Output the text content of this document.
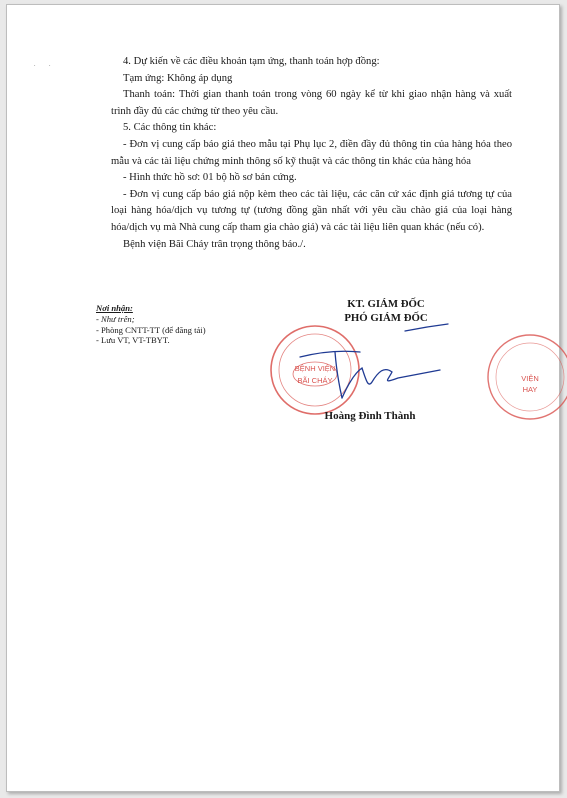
. .	4. Dự kiến về các điều khoản tạm ứng, thanh toán hợp đồng:

Tạm ứng: Không áp dụng

Thanh toán: Thời gian thanh toán trong vòng 60 ngày kể từ khi giao nhận hàng và xuất trình đầy đủ các chứng từ theo yêu cầu.

5. Các thông tin khác:

- Đơn vị cung cấp báo giá theo mẫu tại Phụ lục 2, điền đầy đủ thông tin của hàng hóa theo mẫu và các tài liệu chứng minh thông số kỹ thuật và các thông tin khác của hàng hóa

- Hình thức hồ sơ: 01 bộ hồ sơ bản cứng.

- Đơn vị cung cấp báo giá nộp kèm theo các tài liệu, các căn cứ xác định giá tương tự của loại hàng hóa/dịch vụ tương tự (tương đồng gần nhất với yêu cầu chào giá của loại hàng hóa/dịch vụ mà Nhà cung cấp tham gia chào giá) và các tài liệu liên quan khác (nếu có).

Bệnh viện Bãi Cháy trân trọng thông báo./.

Nơi nhận:
- Như trên;
- Phòng CNTT-TT (để đăng tải)
- Lưu VT, VT-TBYT.
KT. GIÁM ĐỐC
PHÓ GIÁM ĐỐC
BỆNH VIỆN
BÃI CHÁY	VIỆN
HAY
Hoàng Đình Thành
